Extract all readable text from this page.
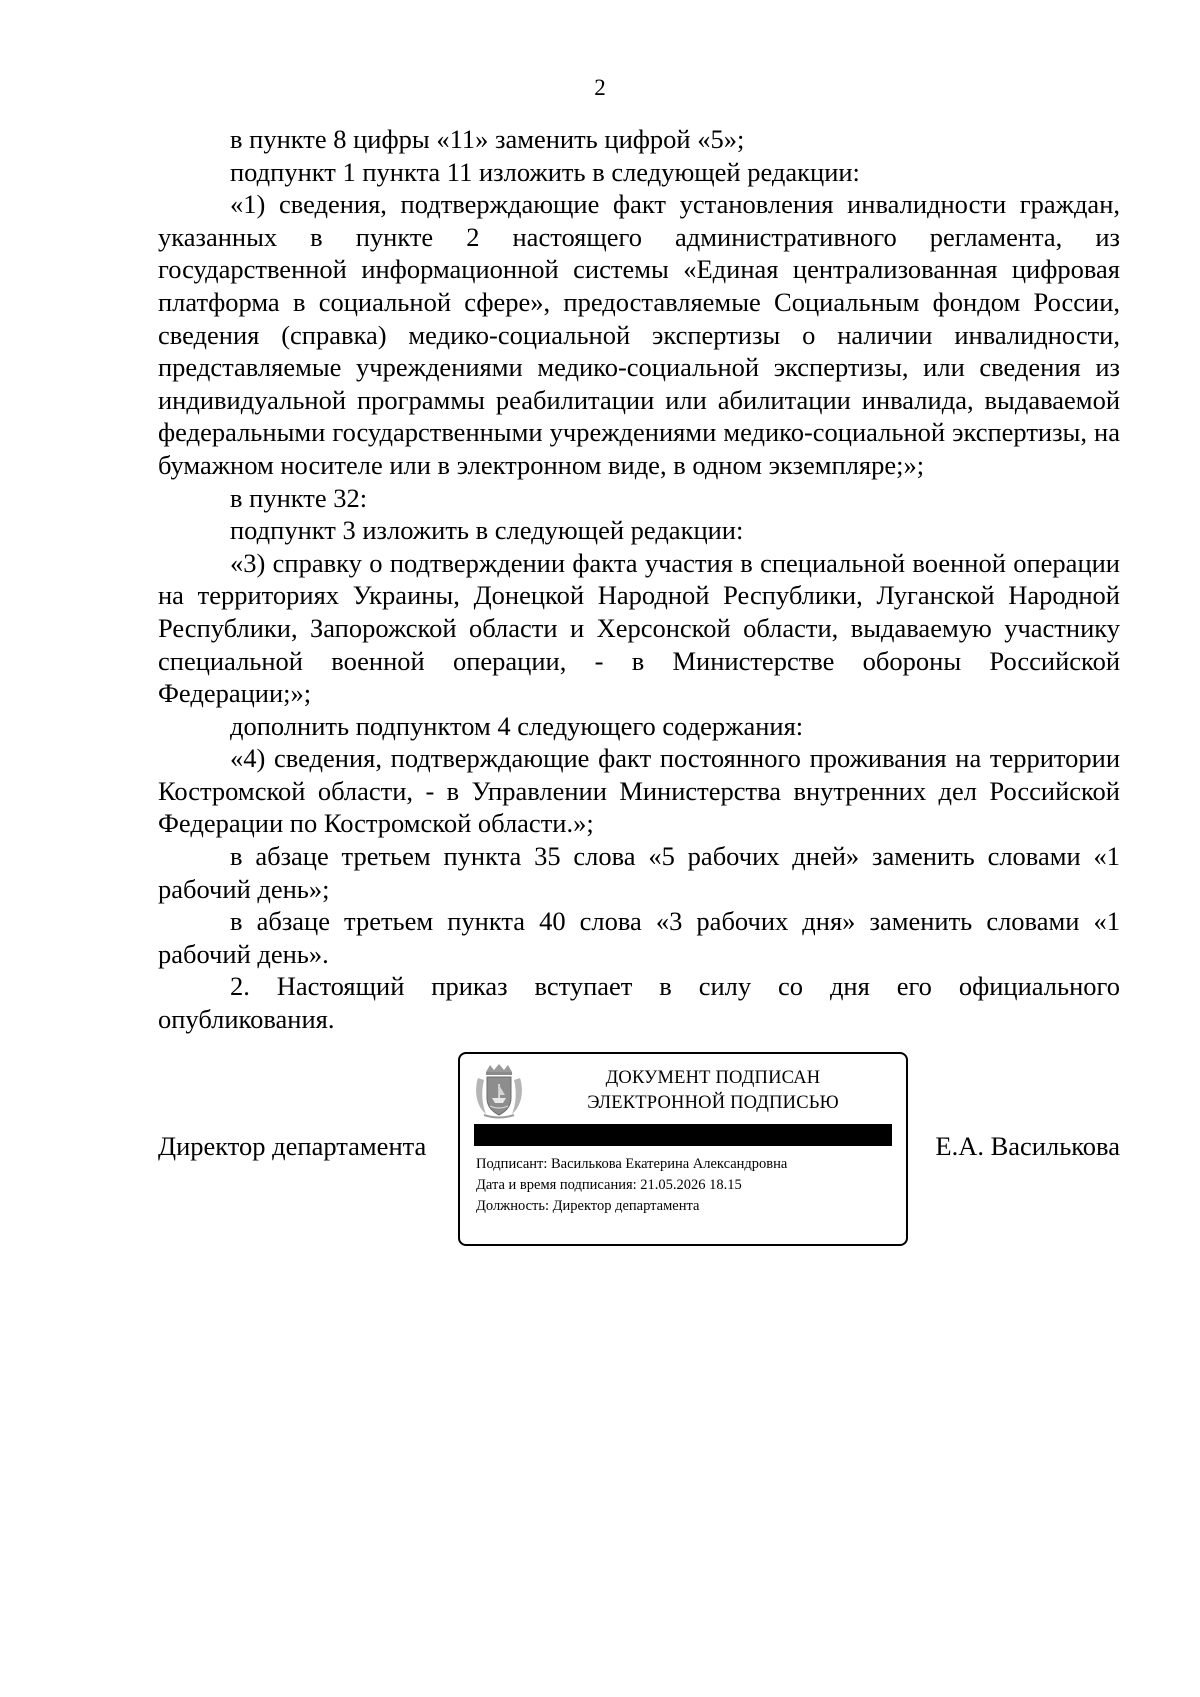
2

в пункте 8 цифры «11» заменить цифрой «5»;

подпункт 1 пункта 11 изложить в следующей редакции:

«1) сведения, подтверждающие факт установления инвалидности граждан, указанных в пункте 2 настоящего административного регламента, из государственной информационной системы «Единая централизованная цифровая платформа в социальной сфере», предоставляемые Социальным фондом России, сведения (справка) медико-социальной экспертизы о наличии инвалидности, представляемые учреждениями медико-социальной экспертизы, или сведения из индивидуальной программы реабилитации или абилитации инвалида, выдаваемой федеральными государственными учреждениями медико-социальной экспертизы, на бумажном носителе или в электронном виде, в одном экземпляре;»;

в пункте 32:

подпункт 3 изложить в следующей редакции:

«3) справку о подтверждении факта участия в специальной военной операции на территориях Украины, Донецкой Народной Республики, Луганской Народной Республики, Запорожской области и Херсонской области, выдаваемую участнику специальной военной операции, - в Министерстве обороны Российской Федерации;»;

дополнить подпунктом 4 следующего содержания:

«4) сведения, подтверждающие факт постоянного проживания на территории Костромской области, - в Управлении Министерства внутренних дел Российской Федерации по Костромской области.»;

в абзаце третьем пункта 35 слова «5 рабочих дней» заменить словами «1 рабочий день»;

в абзаце третьем пункта 40 слова «3 рабочих дня» заменить словами «1 рабочий день».

2. Настоящий приказ вступает в силу со дня его официального опубликования.

Директор департамента	Е.А. Василькова
ДОКУМЕНТ ПОДПИСАН
ЭЛЕКТРОННОЙ ПОДПИСЬЮ
Подписант: Василькова Екатерина Александровна
Дата и время подписания: 21.05.2026 18.15
Должность: Директор департамента
